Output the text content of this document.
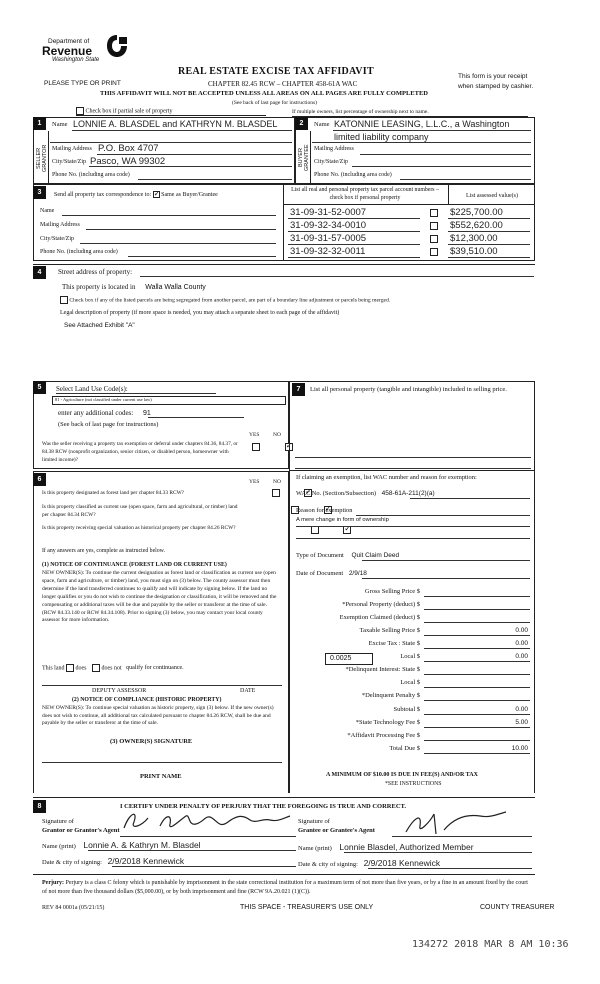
Department of
Revenue
Washington State
PLEASE TYPE OR PRINT
REAL ESTATE EXCISE TAX AFFIDAVIT
CHAPTER 82.45 RCW – CHAPTER 458-61A WAC
THIS AFFIDAVIT WILL NOT BE ACCEPTED UNLESS ALL AREAS ON ALL PAGES ARE FULLY COMPLETED
(See back of last page for instructions)
This form is your receipt
when stamped by cashier.
Check box if partial sale of property	If multiple owners, list percentage of ownership next to name.
1	2
SELLER GRANTOR	BUYER GRANTEE
Name LONNIE A. BLASDEL and KATHRYN M. BLASDEL
Mailing Address P.O. Box 4707
City/State/Zip Pasco, WA 99302
Phone No. (including area code)
Name KATONNIE LEASING, L.L.C., a Washington
limited liability company
Mailing Address
City/State/Zip
Phone No. (including area code)
3	Send all property tax correspondence to: ✓ Same as Buyer/Grantee
Name
Mailing Address
City/State/Zip
Phone No. (including area code)
List all real and personal property tax parcel account numbers – check box if personal property	List assessed value(s)
31-09-31-52-0007	$225,700.00
31-09-32-34-0010	$552,620.00
31-09-31-57-0005	$12,300.00
31-09-32-32-0011	$39,510.00
4	Street address of property:
This property is located in Walla Walla County
Check box if any of the listed parcels are being segregated from another parcel, are part of a boundary line adjustment or parcels being merged.
Legal description of property (if more space is needed, you may attach a separate sheet to each page of the affidavit)
See Attached Exhibit "A"
5	Select Land Use Code(s):
81 - Agriculture (not classified under current use law)
enter any additional codes: 91
(See back of last page for instructions)
YES NO
Was the seller receiving a property tax exemption or deferral under chapters 84.36, 84.37, or 84.38 RCW (nonprofit organization, senior citizen, or disabled person, homeowner with limited income)?
✓
6	YES NO
Is this property designated as forest land per chapter 84.33 RCW?
✓
Is this property classified as current use (open space, farm and agricultural, or timber) land per chapter 84.34 RCW?
✓
Is this property receiving special valuation as historical property per chapter 84.26 RCW?
✓
If any answers are yes, complete as instructed below.
(1) NOTICE OF CONTINUANCE (FOREST LAND OR CURRENT USE)
NEW OWNER(S): To continue the current designation as forest land or classification as current use (open space, farm and agriculture, or timber) land, you must sign on (3) below. The county assessor must then determine if the land transferred continues to qualify and will indicate by signing below. If the land no longer qualifies or you do not wish to continue the designation or classification, it will be removed and the compensating or additional taxes will be due and payable by the seller or transferor at the time of sale. (RCW 84.33.140 or RCW 84.34.108). Prior to signing (3) below, you may contact your local county assessor for more information.
This land does	does not qualify for continuance.
DEPUTY ASSESSOR	DATE
(2) NOTICE OF COMPLIANCE (HISTORIC PROPERTY)
NEW OWNER(S): To continue special valuation as historic property, sign (3) below. If the new owner(s) does not wish to continue, all additional tax calculated pursuant to chapter 84.26 RCW, shall be due and payable by the seller or transferor at the time of sale.
(3) OWNER(S) SIGNATURE
PRINT NAME
7	List all personal property (tangible and intangible) included in selling price.
If claiming an exemption, list WAC number and reason for exemption:
WAC No. (Section/Subsection) 458-61A-211(2)(a)
Reason for exemption
A mere change in form of ownership
Type of Document Quit Claim Deed
Date of Document 2/9/18
0.0025
Gross Selling Price $
*Personal Property (deduct) $
Exemption Claimed (deduct) $
Taxable Selling Price $	0.00
Excise Tax : State $	0.00
Local $	0.00
*Delinquent Interest: State $
Local $
*Delinquent Penalty $
Subtotal $	0.00
*State Technology Fee $	5.00
*Affidavit Processing Fee $
Total Due $	10.00
A MINIMUM OF $10.00 IS DUE IN FEE(S) AND/OR TAX
*SEE INSTRUCTIONS
8	I CERTIFY UNDER PENALTY OF PERJURY THAT THE FOREGOING IS TRUE AND CORRECT.
Signature of
Grantor or Grantor's Agent
Name (print) Lonnie A. & Kathryn M. Blasdel
Date & city of signing: 2/9/2018 Kennewick
Signature of
Grantee or Grantee's Agent
Name (print) Lonnie Blasdel, Authorized Member
Date & city of signing: 2/9/2018 Kennewick
Perjury: Perjury is a class C felony which is punishable by imprisonment in the state correctional institution for a maximum term of not more than five years, or by a fine in an amount fixed by the court of not more than five thousand dollars ($5,000.00), or by both imprisonment and fine (RCW 9A.20.021 (1)(C)).
REV 84 0001a (05/21/15)	THIS SPACE - TREASURER'S USE ONLY	COUNTY TREASURER
134272 2018 MAR 8 AM 10:36
